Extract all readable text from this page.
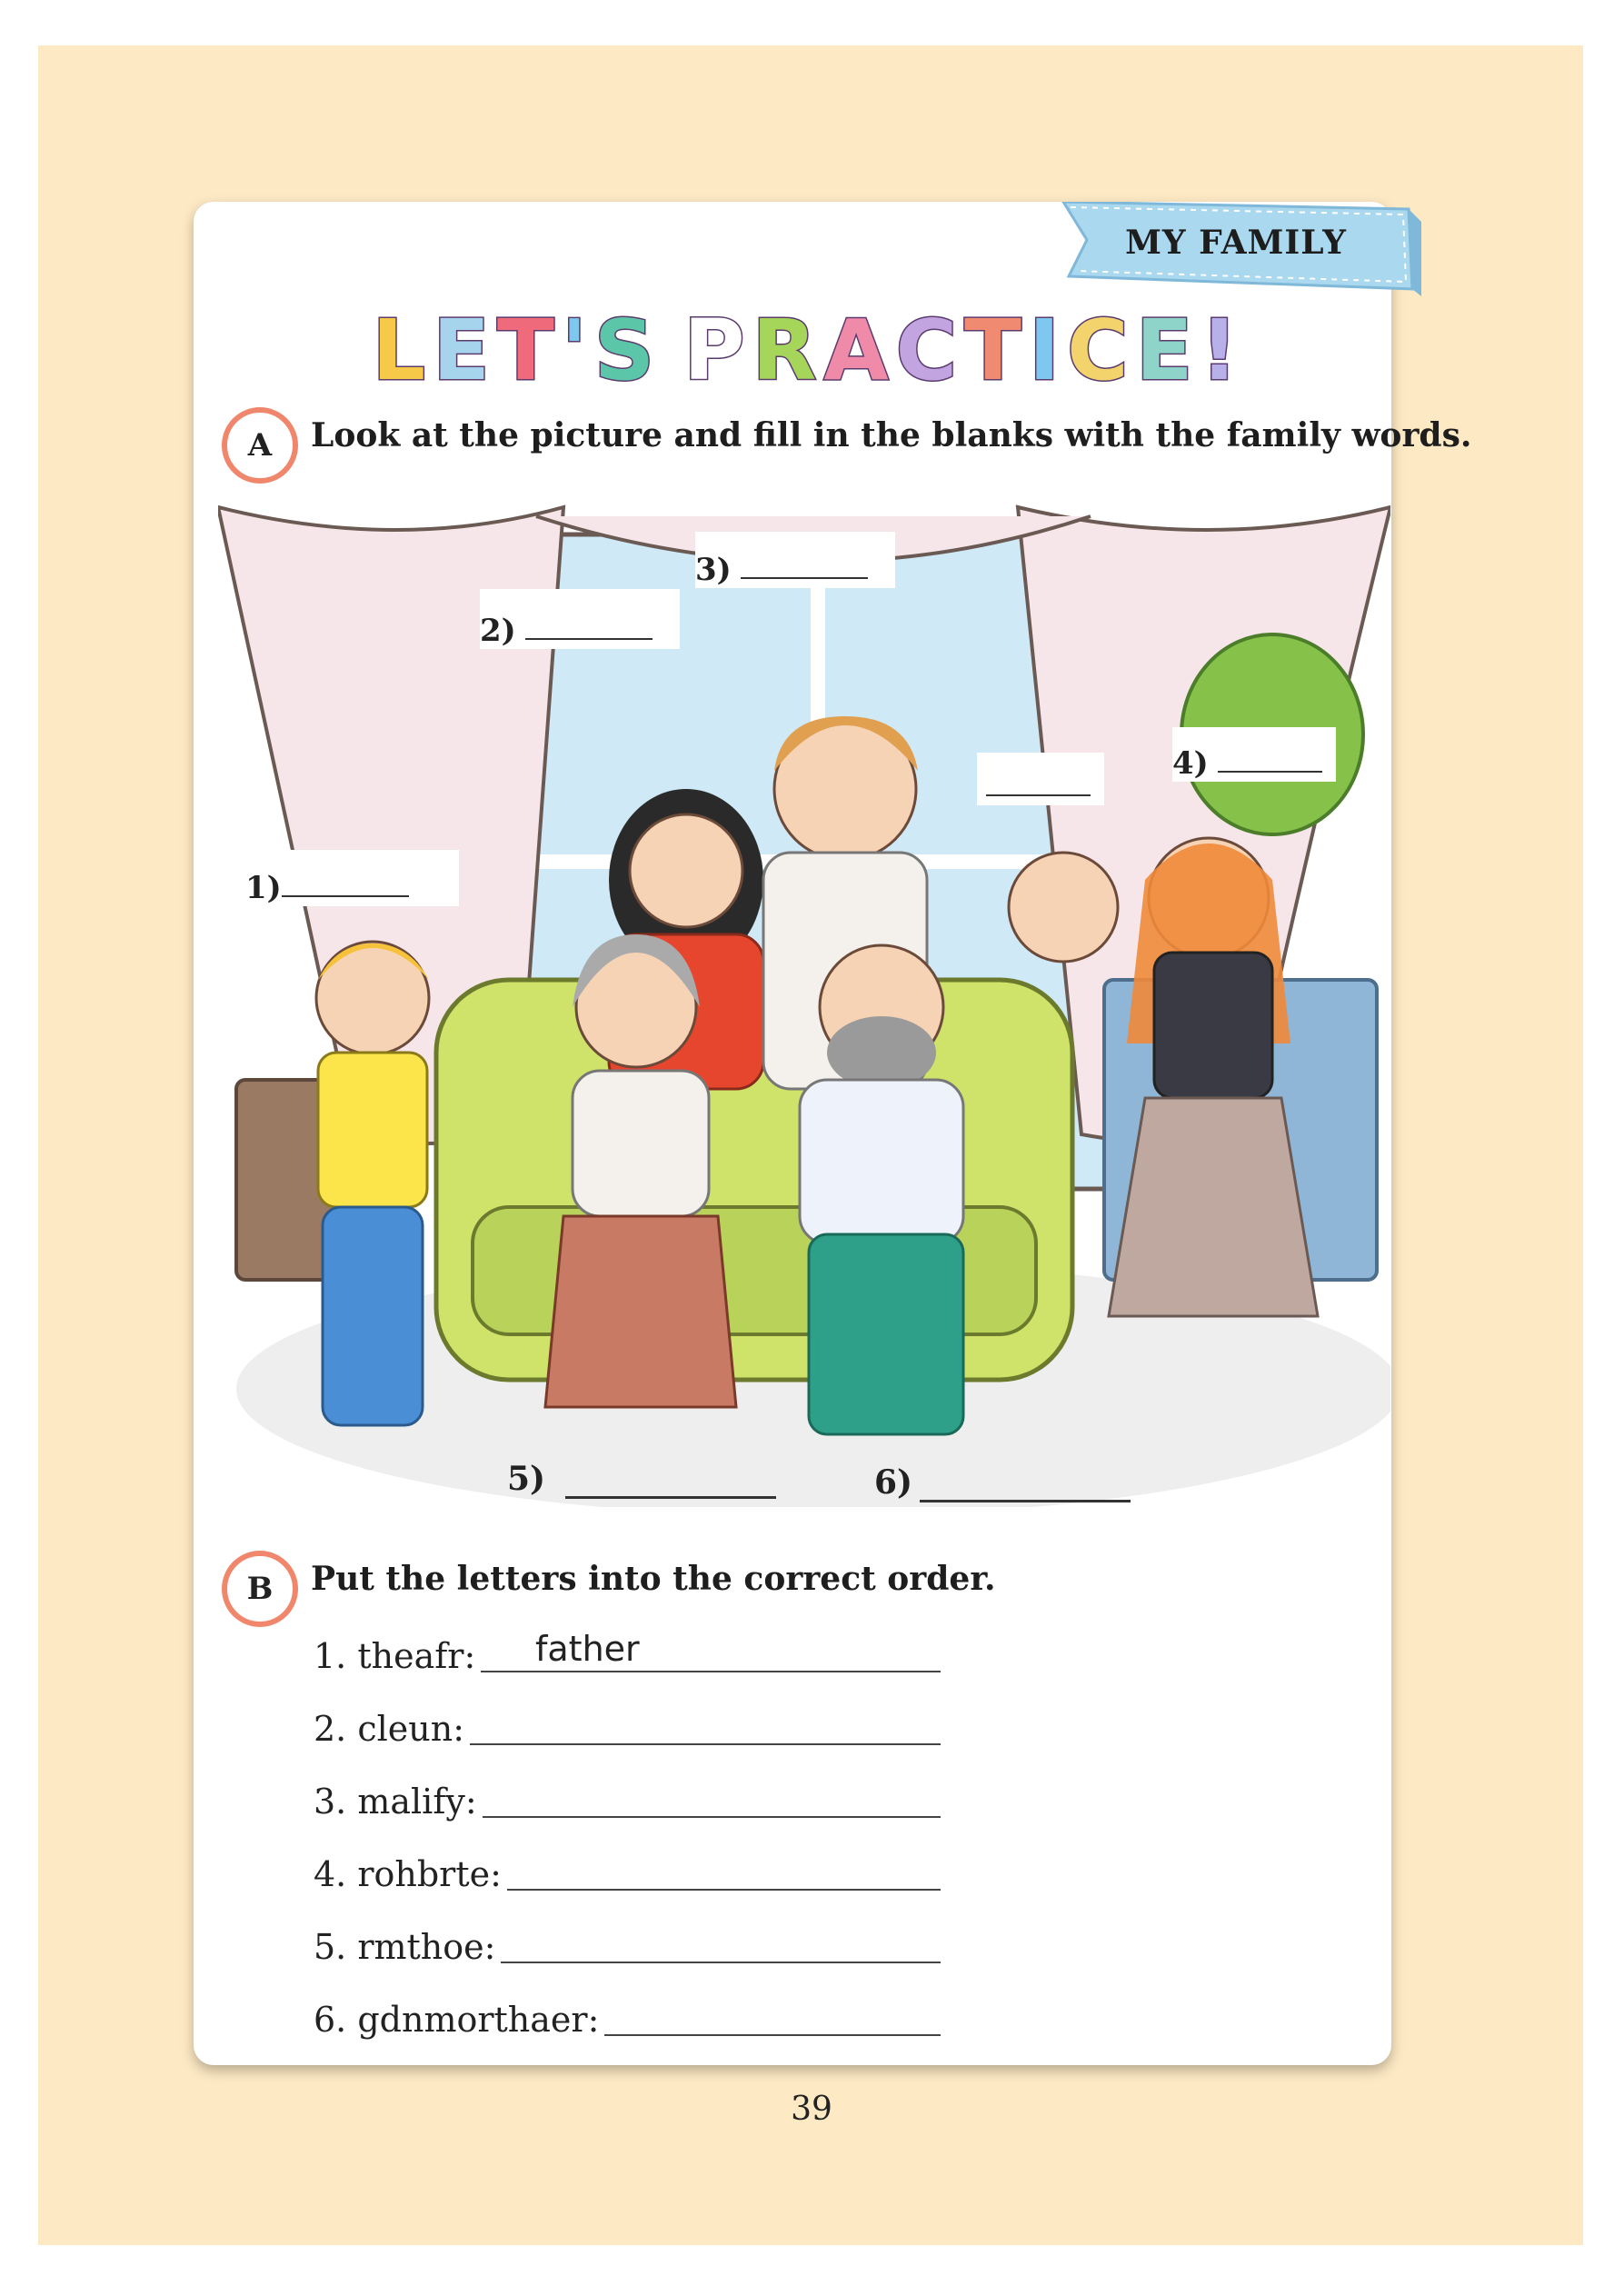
MY FAMILY
L E T ' S P R A C T I C E !
A	Look at the picture and fill in the blanks with the family words.
1)
2)
3)
4)
5)	6)
B	Put the letters into the correct order.
1. theafr: father
2. cleun:
3. malify:
4. rohbrte:
5. rmthoe:
6. gdnmorthaer:
39
